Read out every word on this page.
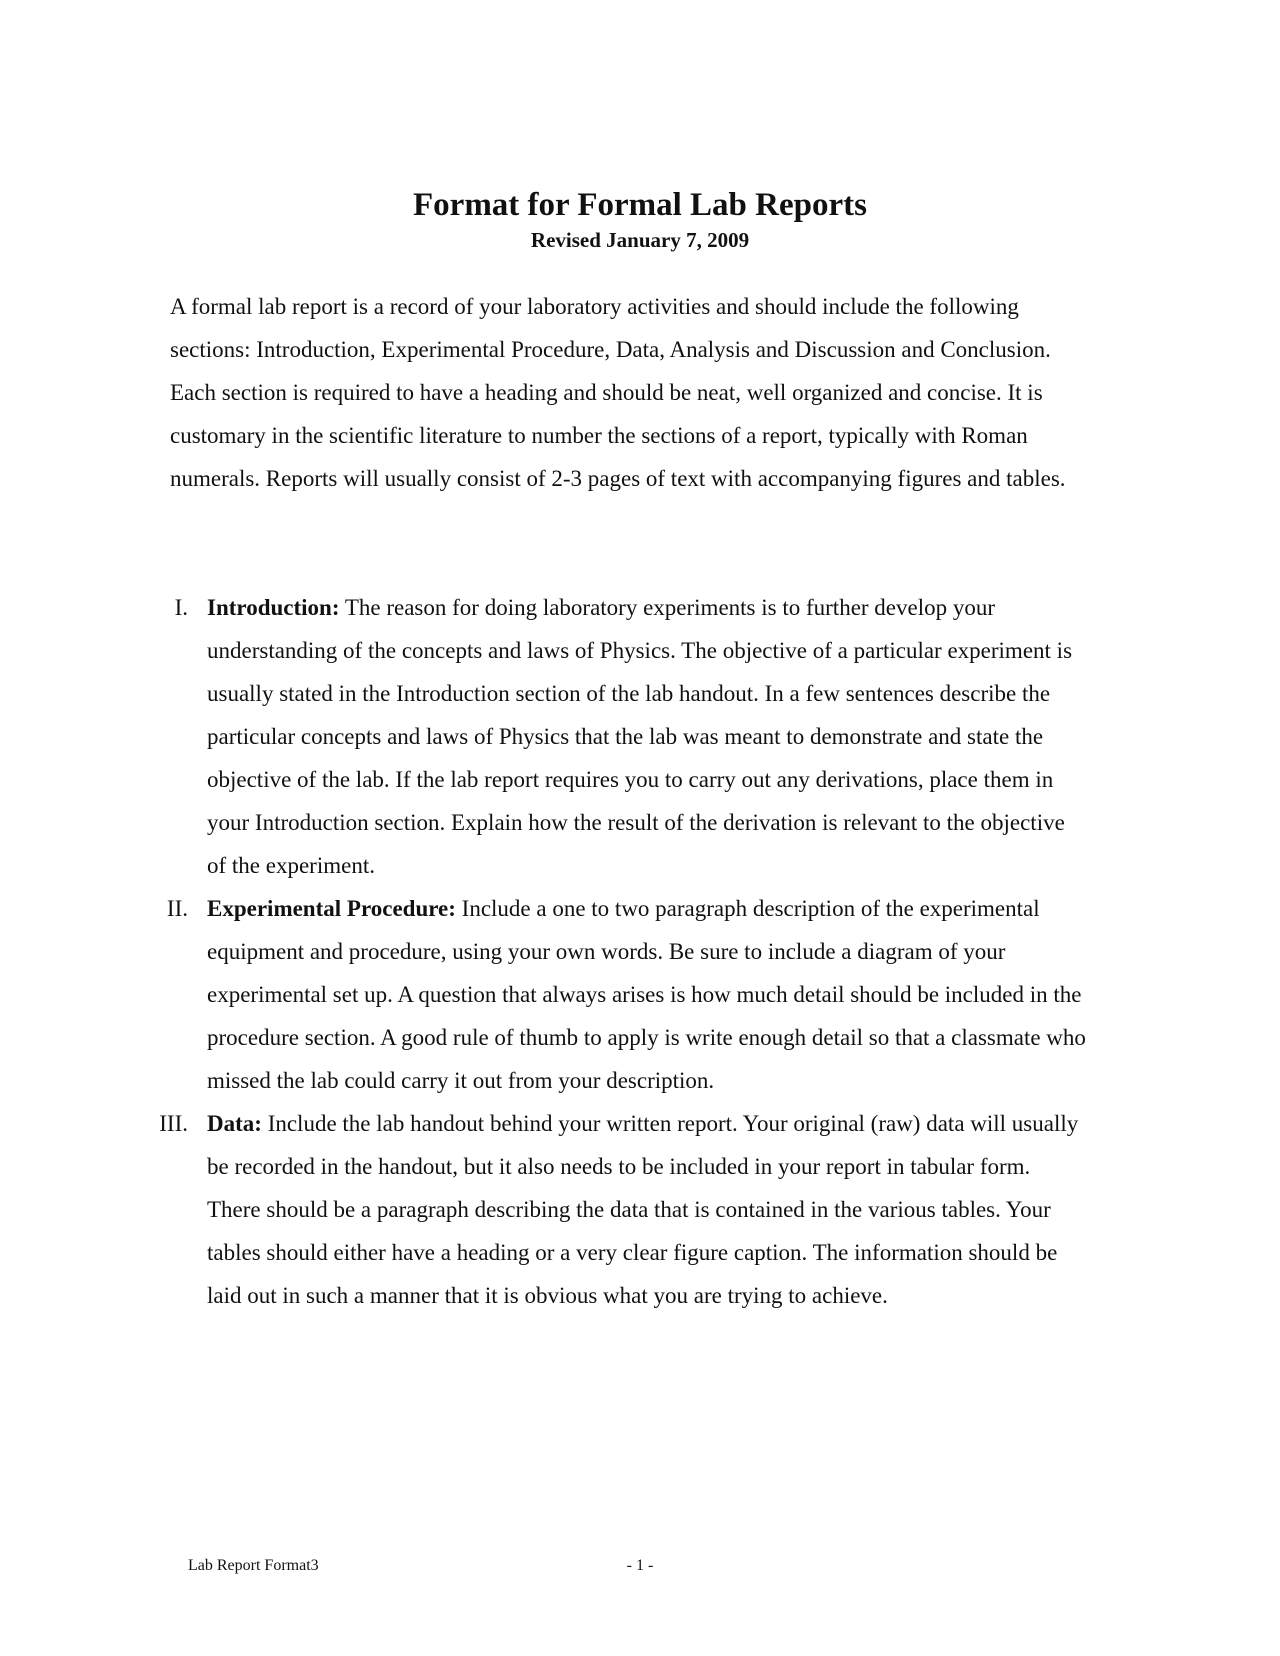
Format for Formal Lab Reports
Revised January 7, 2009

A formal lab report is a record of your laboratory activities and should include the following sections: Introduction, Experimental Procedure, Data, Analysis and Discussion and Conclusion. Each section is required to have a heading and should be neat, well organized and concise. It is customary in the scientific literature to number the sections of a report, typically with Roman numerals. Reports will usually consist of 2-3 pages of text with accompanying figures and tables.

I. Introduction: The reason for doing laboratory experiments is to further develop your understanding of the concepts and laws of Physics. The objective of a particular experiment is usually stated in the Introduction section of the lab handout. In a few sentences describe the particular concepts and laws of Physics that the lab was meant to demonstrate and state the objective of the lab. If the lab report requires you to carry out any derivations, place them in your Introduction section. Explain how the result of the derivation is relevant to the objective of the experiment.
II. Experimental Procedure: Include a one to two paragraph description of the experimental equipment and procedure, using your own words. Be sure to include a diagram of your experimental set up. A question that always arises is how much detail should be included in the procedure section. A good rule of thumb to apply is write enough detail so that a classmate who missed the lab could carry it out from your description.
III. Data: Include the lab handout behind your written report. Your original (raw) data will usually be recorded in the handout, but it also needs to be included in your report in tabular form. There should be a paragraph describing the data that is contained in the various tables. Your tables should either have a heading or a very clear figure caption. The information should be laid out in such a manner that it is obvious what you are trying to achieve.
Lab Report Format3	- 1 -
